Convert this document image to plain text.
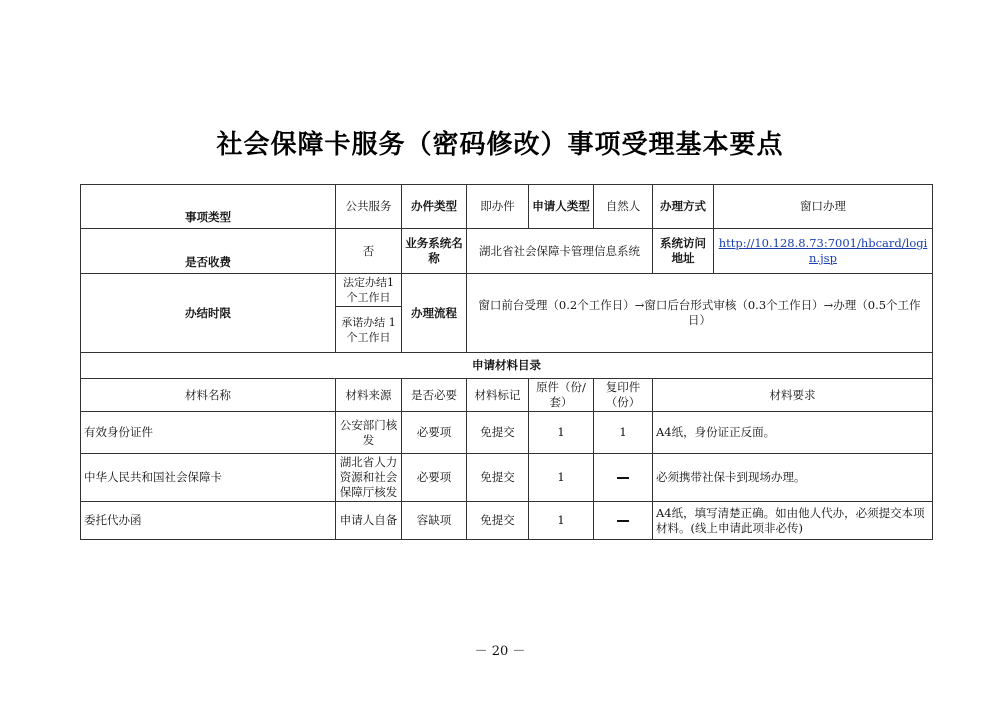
社会保障卡服务（密码修改）事项受理基本要点
事项类型	公共服务	办件类型	即办件	申请人类型	自然人	办理方式	窗口办理
是否收费	否	业务系统名称	湖北省社会保障卡管理信息系统			系统访问地址	http://10.128.8.73:7001/hbcard/login.jsp
办结时限	法定办结1个工作日	办理流程	窗口前台受理（0.2个工作日）→窗口后台形式审核（0.3个工作日）→办理（0.5个工作日）				
	承诺办结 1 个工作日						
申请材料目录							
材料名称	材料来源	是否必要	材料标记	原件（份/套）	复印件（份）	材料要求	
有效身份证件	公安部门核发	必要项	免提交	1	1	A4纸，身份证正反面。	
中华人民共和国社会保障卡	湖北省人力资源和社会保障厅核发	必要项	免提交	1		必须携带社保卡到现场办理。	
委托代办函	申请人自备	容缺项	免提交	1		A4纸，填写清楚正确。如由他人代办，必须提交本项材料。(线上申请此项非必传)	
－ 20 －
